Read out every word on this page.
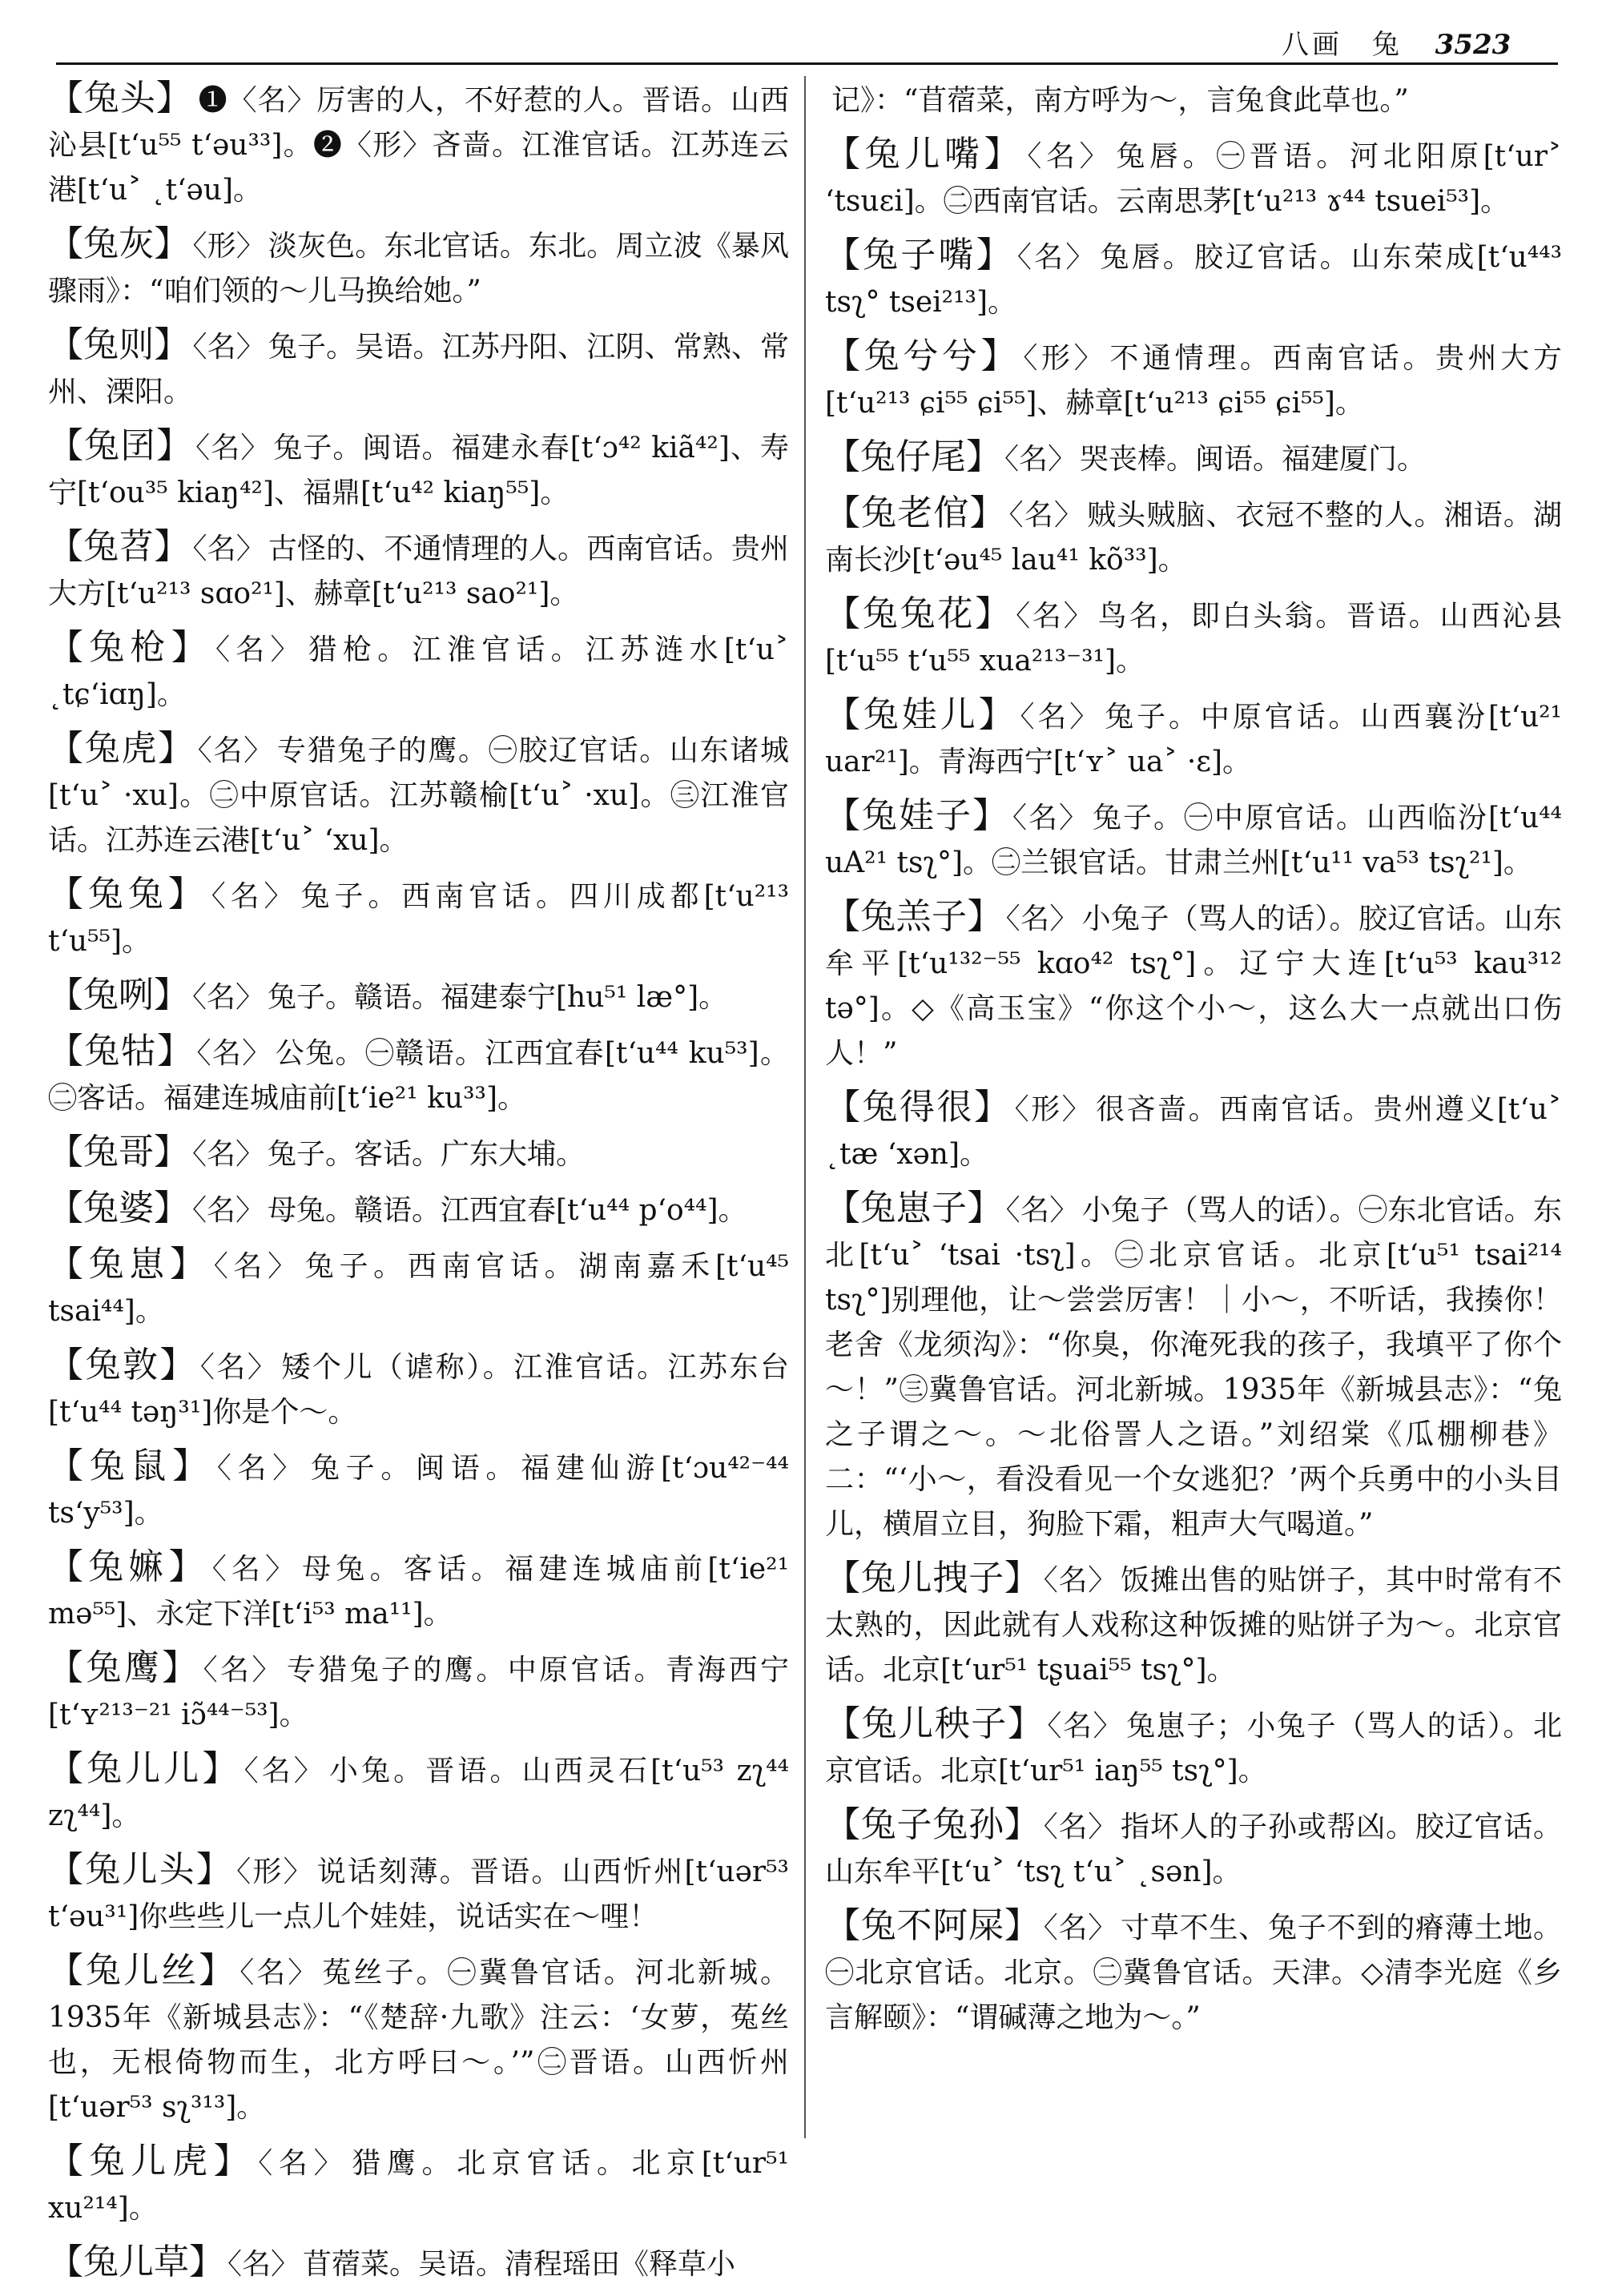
八画 兔 3523

【兔头】 ❶〈名〉厉害的人，不好惹的人。晋语。山西沁县[tʻu⁵⁵ tʻəu³³]。❷〈形〉吝啬。江淮官话。江苏连云港[tʻu˃ ˛tʻəu]。

【兔灰】 〈形〉 淡灰色。东北官话。东北。周立波《暴风骤雨》：“咱们领的～儿马换给她。”

【兔则】 〈名〉 兔子。吴语。江苏丹阳、江阴、常熟、常州、溧阳。

【兔囝】 〈名〉 兔子。闽语。福建永春[tʻɔ⁴² kiã⁴²]、寿宁[tʻou³⁵ kiaŋ⁴²]、福鼎[tʻu⁴² kiaŋ⁵⁵]。

【兔苕】 〈名〉 古怪的、不通情理的人。西南官话。贵州大方[tʻu²¹³ sɑo²¹]、赫章[tʻu²¹³ sao²¹]。

【兔枪】 〈名〉 猎枪。江淮官话。江苏涟水[tʻu˃ ˛tɕʻiɑŋ]。

【兔虎】 〈名〉 专猎兔子的鹰。㊀胶辽官话。山东诸城[tʻu˃ ·xu]。㊁中原官话。江苏赣榆[tʻu˃ ·xu]。㊂江淮官话。江苏连云港[tʻu˃ ʻxu]。

【兔兔】 〈名〉 兔子。西南官话。四川成都[tʻu²¹³ tʻu⁵⁵]。

【兔咧】 〈名〉 兔子。赣语。福建泰宁[hu⁵¹ læ°]。

【兔牯】 〈名〉 公兔。㊀赣语。江西宜春[tʻu⁴⁴ ku⁵³]。㊁客话。福建连城庙前[tʻie²¹ ku³³]。

【兔哥】 〈名〉 兔子。客话。广东大埔。

【兔婆】 〈名〉 母兔。赣语。江西宜春[tʻu⁴⁴ pʻo⁴⁴]。

【兔崽】 〈名〉 兔子。西南官话。湖南嘉禾[tʻu⁴⁵ tsai⁴⁴]。

【兔敦】 〈名〉 矮个儿（谑称）。江淮官话。江苏东台[tʻu⁴⁴ təŋ³¹]你是个～。

【兔鼠】 〈名〉 兔子。闽语。福建仙游[tʻɔu⁴²⁻⁴⁴ tsʻy⁵³]。

【兔嫲】 〈名〉 母兔。客话。福建连城庙前[tʻie²¹ mə⁵⁵]、永定下洋[tʻi⁵³ ma¹¹]。

【兔鹰】 〈名〉 专猎兔子的鹰。中原官话。青海西宁[tʻʏ²¹³⁻²¹ iɔ̃⁴⁴⁻⁵³]。

【兔儿儿】 〈名〉 小兔。晋语。山西灵石[tʻu⁵³ zʅ⁴⁴ zʅ⁴⁴]。

【兔儿头】 〈形〉 说话刻薄。晋语。山西忻州[tʻuər⁵³ tʻəu³¹]你些些儿一点儿个娃娃，说话实在～哩！

【兔儿丝】 〈名〉 菟丝子。㊀冀鲁官话。河北新城。1935年《新城县志》：“《楚辞·九歌》注云：‘女萝，菟丝也，无根倚物而生，北方呼曰～。’”㊁晋语。山西忻州[tʻuər⁵³ sʅ³¹³]。

【兔儿虎】 〈名〉 猎鹰。北京官话。北京[tʻur⁵¹ xu²¹⁴]。

【兔儿草】 〈名〉 苜蓿菜。吴语。清程瑶田《释草小

记》：“苜蓿菜，南方呼为～，言兔食此草也。”

【兔儿嘴】 〈名〉 兔唇。㊀晋语。河北阳原[tʻur˃ ʻtsuɛi]。㊁西南官话。云南思茅[tʻu²¹³ ɤ⁴⁴ tsuei⁵³]。

【兔子嘴】 〈名〉 兔唇。胶辽官话。山东荣成[tʻu⁴⁴³ tsʅ° tsei²¹³]。

【兔兮兮】 〈形〉 不通情理。西南官话。贵州大方[tʻu²¹³ ɕi⁵⁵ ɕi⁵⁵]、赫章[tʻu²¹³ ɕi⁵⁵ ɕi⁵⁵]。

【兔仔尾】 〈名〉 哭丧棒。闽语。福建厦门。

【兔老倌】 〈名〉 贼头贼脑、衣冠不整的人。湘语。湖南长沙[tʻəu⁴⁵ lau⁴¹ kõ³³]。

【兔兔花】 〈名〉 鸟名，即白头翁。晋语。山西沁县[tʻu⁵⁵ tʻu⁵⁵ xua²¹³⁻³¹]。

【兔娃儿】 〈名〉 兔子。中原官话。山西襄汾[tʻu²¹ uar²¹]。青海西宁[tʻʏ˃ ua˃ ·ɛ]。

【兔娃子】 〈名〉 兔子。㊀中原官话。山西临汾[tʻu⁴⁴ uA²¹ tsʅ°]。㊁兰银官话。甘肃兰州[tʻu¹¹ va⁵³ tsʅ²¹]。

【兔羔子】 〈名〉 小兔子（骂人的话）。胶辽官话。山东牟平[tʻu¹³²⁻⁵⁵ kɑo⁴² tsʅ°]。辽宁大连[tʻu⁵³ kau³¹² tə°]。◇《高玉宝》“你这个小～，这么大一点就出口伤人！”

【兔得很】 〈形〉 很吝啬。西南官话。贵州遵义[tʻu˃ ˛tæ ʻxən]。

【兔崽子】 〈名〉 小兔子（骂人的话）。㊀东北官话。东北[tʻu˃ ʻtsai ·tsʅ]。㊁北京官话。北京[tʻu⁵¹ tsai²¹⁴ tsʅ°]别理他，让～尝尝厉害！｜小～，不听话，我揍你！老舍《龙须沟》：“你臭，你淹死我的孩子，我填平了你个～！”㊂冀鲁官话。河北新城。1935年《新城县志》：“兔之子谓之～。～北俗詈人之语。”刘绍棠《瓜棚柳巷》二：“‘小～，看没看见一个女逃犯？’两个兵勇中的小头目儿，横眉立目，狗脸下霜，粗声大气喝道。”

【兔儿拽子】 〈名〉 饭摊出售的贴饼子，其中时常有不太熟的，因此就有人戏称这种饭摊的贴饼子为～。北京官话。北京[tʻur⁵¹ tʂuai⁵⁵ tsʅ°]。

【兔儿秧子】 〈名〉 兔崽子；小兔子（骂人的话）。北京官话。北京[tʻur⁵¹ iaŋ⁵⁵ tsʅ°]。

【兔子兔孙】 〈名〉 指坏人的子孙或帮凶。胶辽官话。山东牟平[tʻu˃ ʻtsʅ tʻu˃ ˛sən]。

【兔不阿屎】 〈名〉 寸草不生、兔子不到的瘠薄土地。㊀北京官话。北京。㊁冀鲁官话。天津。◇清李光庭《乡言解颐》：“谓碱薄之地为～。”
